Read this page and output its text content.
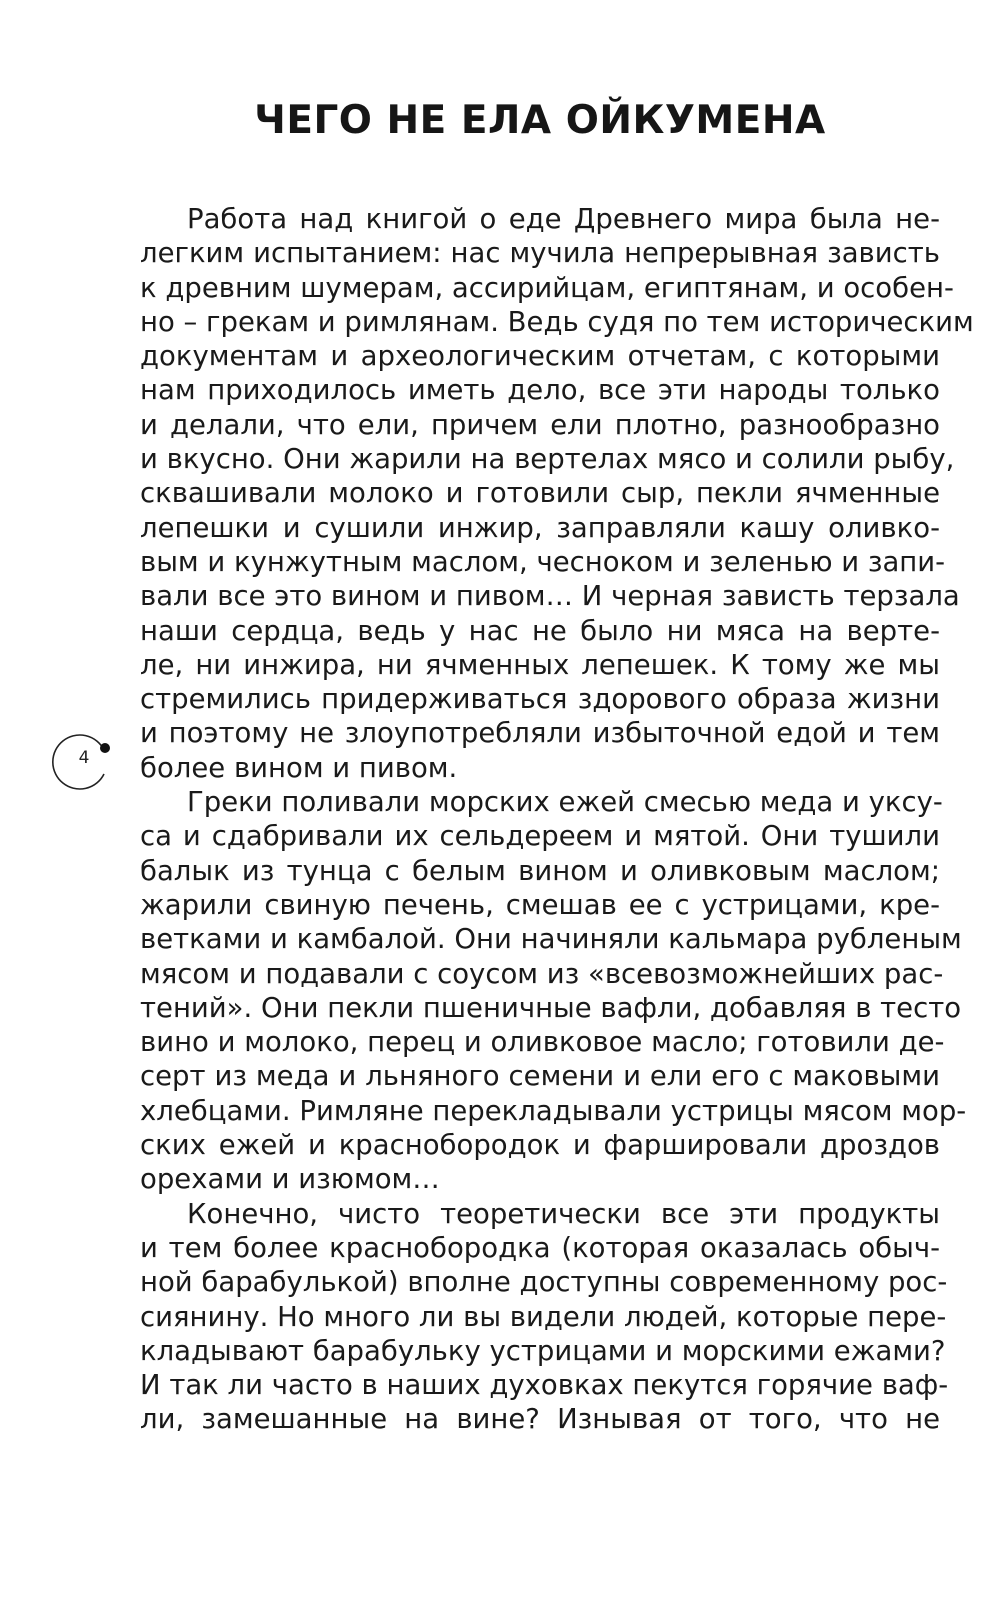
ЧЕГО НЕ ЕЛА ОЙКУМЕНА
4
Работа над книгой о еде Древнего мира была не-
легким испытанием: нас мучила непрерывная зависть
к древним шумерам, ассирийцам, египтянам, и особен-
но – грекам и римлянам. Ведь судя по тем историческим
документам и археологическим отчетам, с которыми
нам приходилось иметь дело, все эти народы только
и делали, что ели, причем ели плотно, разнообразно
и вкусно. Они жарили на вертелах мясо и солили рыбу,
сквашивали молоко и готовили сыр, пекли ячменные
лепешки и сушили инжир, заправляли кашу оливко-
вым и кунжутным маслом, чесноком и зеленью и запи-
вали все это вином и пивом… И черная зависть терзала
наши сердца, ведь у нас не было ни мяса на верте-
ле, ни инжира, ни ячменных лепешек. К тому же мы
стремились придерживаться здорового образа жизни
и поэтому не злоупотребляли избыточной едой и тем
более вином и пивом.
Греки поливали морских ежей смесью меда и уксу-
са и сдабривали их сельдереем и мятой. Они тушили
балык из тунца с белым вином и оливковым маслом;
жарили свиную печень, смешав ее с устрицами, кре-
ветками и камбалой. Они начиняли кальмара рубленым
мясом и подавали с соусом из «всевозможнейших рас-
тений». Они пекли пшеничные вафли, добавляя в тесто
вино и молоко, перец и оливковое масло; готовили де-
серт из меда и льняного семени и ели его с маковыми
хлебцами. Римляне перекладывали устрицы мясом мор-
ских ежей и краснобородок и фаршировали дроздов
орехами и изюмом…
Конечно, чисто теоретически все эти продукты
и тем более краснобородка (которая оказалась обыч-
ной барабулькой) вполне доступны современному рос-
сиянину. Но много ли вы видели людей, которые пере-
кладывают барабульку устрицами и морскими ежами?
И так ли часто в наших духовках пекутся горячие ваф-
ли, замешанные на вине? Изнывая от того, что не
